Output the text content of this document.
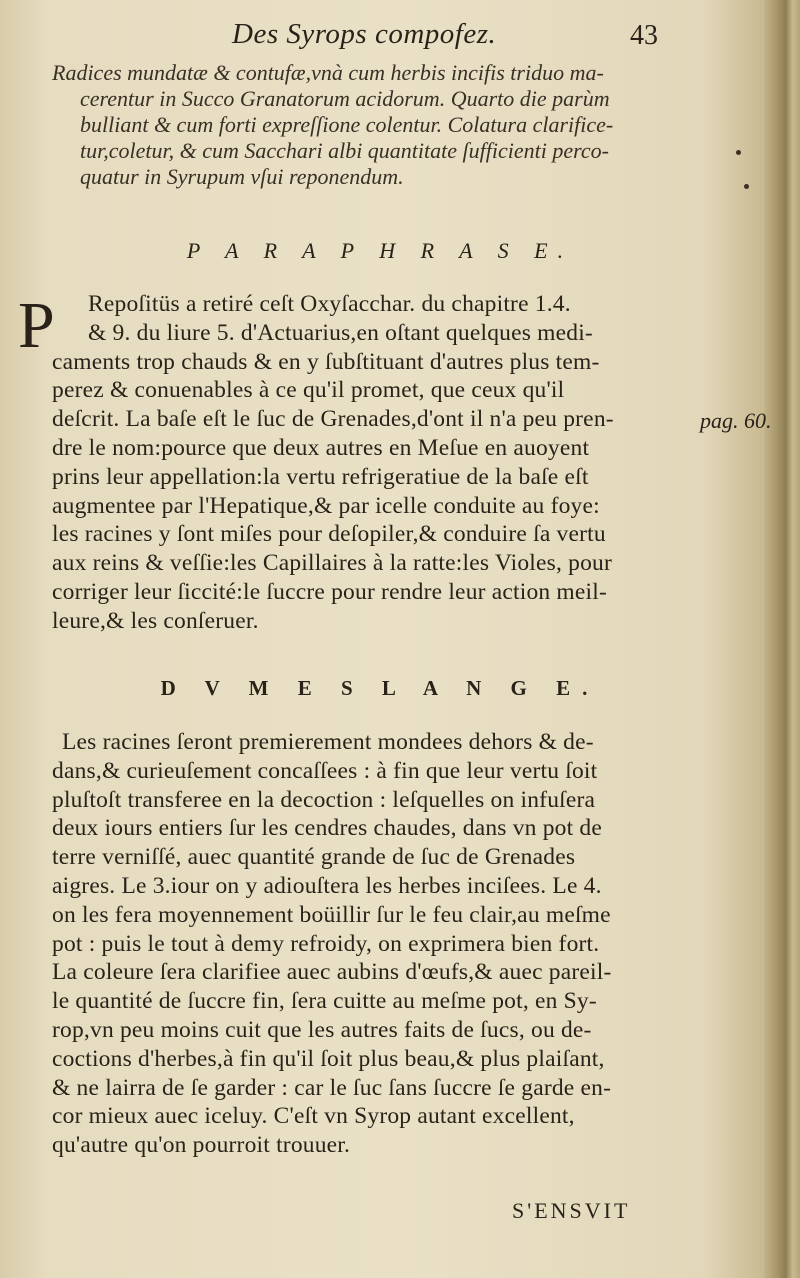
Des Syrops compofez.	43
Radices mundatæ & contufæ,vnà cum herbis incifis triduo ma-
cerentur in Succo Granatorum acidorum. Quarto die parùm
bulliant & cum forti expreſſione colentur. Colatura clarifice-
tur,coletur, & cum Sacchari albi quantitate ſufficienti perco-
quatur in Syrupum vſui reponendum.
P A R A P H R A S E.
P	Repoſitüs a retiré ceſt Oxyſacchar. du chapitre 1.4.
& 9. du liure 5. d'Actuarius,en oſtant quelques medi-
caments trop chauds & en y ſubſtituant d'autres plus tem-
perez & conuenables à ce qu'il promet, que ceux qu'il
deſcrit. La baſe eſt le ſuc de Grenades,d'ont il n'a peu pren-
dre le nom:pource que deux autres en Meſue en auoyent
prins leur appellation:la vertu refrigeratiue de la baſe eſt
augmentee par l'Hepatique,& par icelle conduite au foye:
les racines y ſont miſes pour deſopiler,& conduire ſa vertu
aux reins & veſſie:les Capillaires à la ratte:les Violes, pour
corriger leur ſiccité:le ſuccre pour rendre leur action meil-
leure,& les conſeruer.
pag. 60.
D V M E S L A N G E.
Les racines ſeront premierement mondees dehors & de-
dans,& curieuſement concaſſees : à fin que leur vertu ſoit
pluſtoſt transferee en la decoction : leſquelles on infuſera
deux iours entiers ſur les cendres chaudes, dans vn pot de
terre verniſſé, auec quantité grande de ſuc de Grenades
aigres. Le 3.iour on y adiouſtera les herbes inciſees. Le 4.
on les fera moyennement boüillir ſur le feu clair,au meſme
pot : puis le tout à demy refroidy, on exprimera bien fort.
La coleure ſera clarifiee auec aubins d'œufs,& auec pareil-
le quantité de ſuccre fin, ſera cuitte au meſme pot, en Sy-
rop,vn peu moins cuit que les autres faits de ſucs, ou de-
coctions d'herbes,à fin qu'il ſoit plus beau,& plus plaiſant,
& ne lairra de ſe garder : car le ſuc ſans ſuccre ſe garde en-
cor mieux auec iceluy. C'eſt vn Syrop autant excellent,
qu'autre qu'on pourroit trouuer.
S'ENSVIT
